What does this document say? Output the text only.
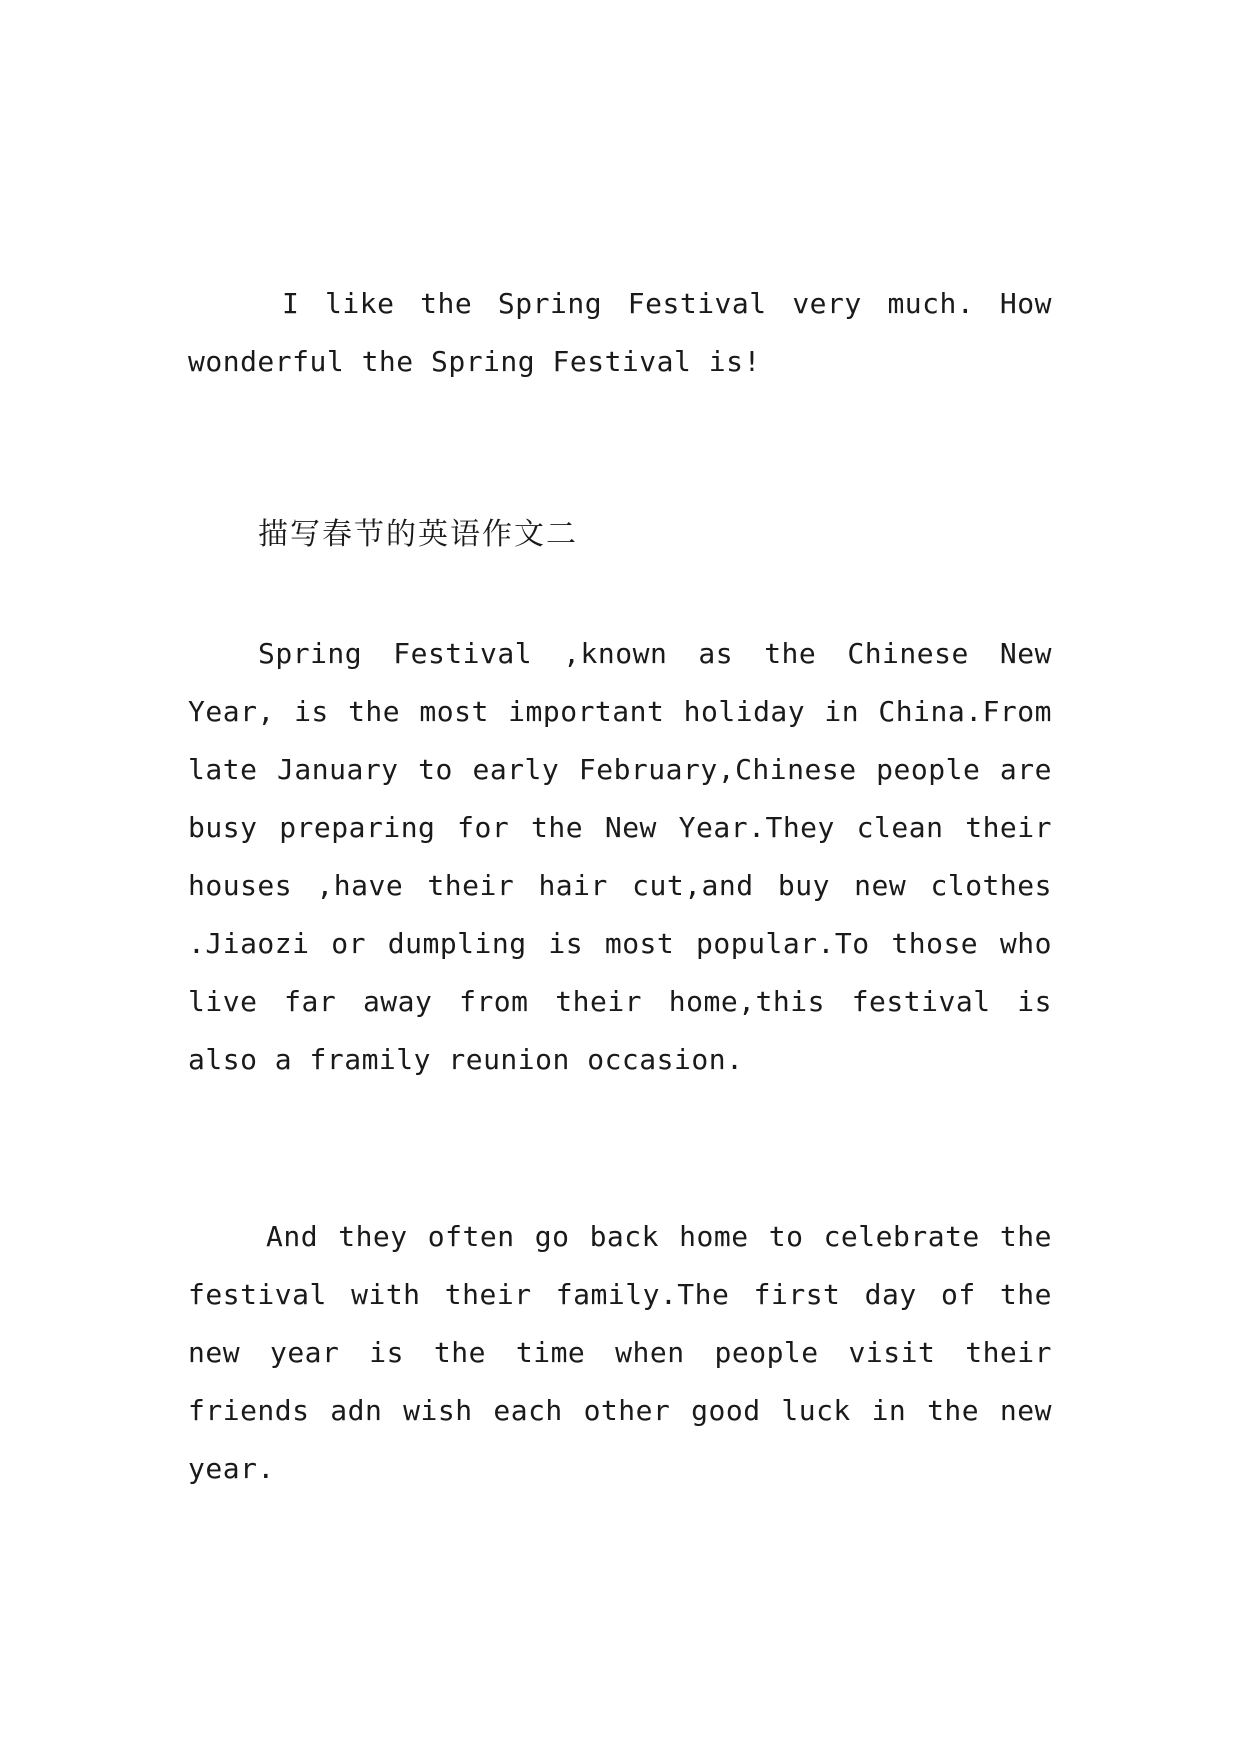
I like the Spring Festival very much. How wonderful the Spring Festival is!

描写春节的英语作文二

Spring Festival ,known as the Chinese New Year, is the most important holiday in China.From late January to early February,Chinese people are busy preparing for the New Year.They clean their houses ,have their hair cut,and buy new clothes .Jiaozi or dumpling is most popular.To those who live far away from their home,this festival is also a framily reunion occasion.

And they often go back home to celebrate the festival with their family.The first day of the new year is the time when people visit their friends adn wish each other good luck in the new year.
